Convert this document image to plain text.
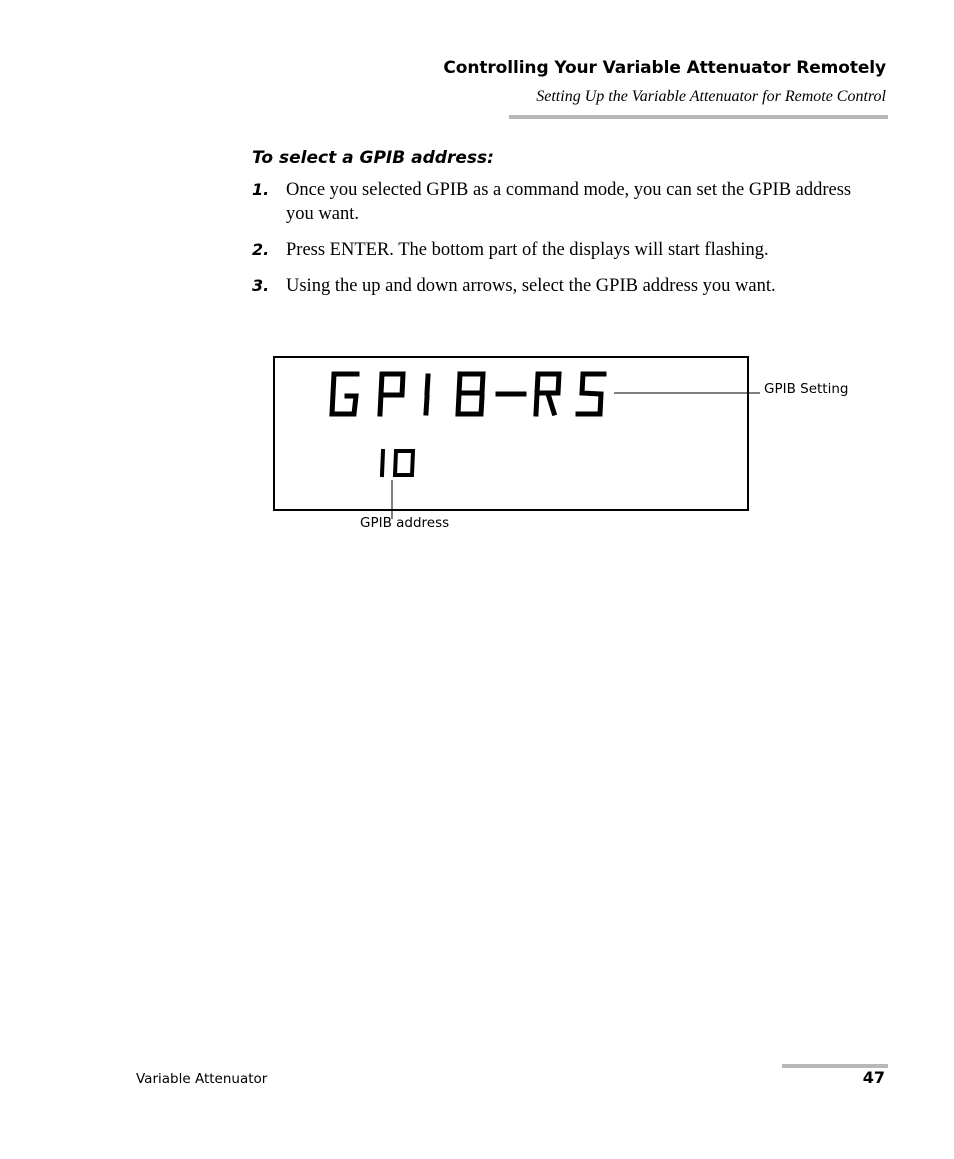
Controlling Your Variable Attenuator Remotely
Setting Up the Variable Attenuator for Remote Control
To select a GPIB address:
1. Once you selected GPIB as a command mode, you can set the GPIB address you want.
2. Press ENTER. The bottom part of the displays will start flashing.
3. Using the up and down arrows, select the GPIB address you want.
GPIB Setting
GPIB address
Variable Attenuator	47
